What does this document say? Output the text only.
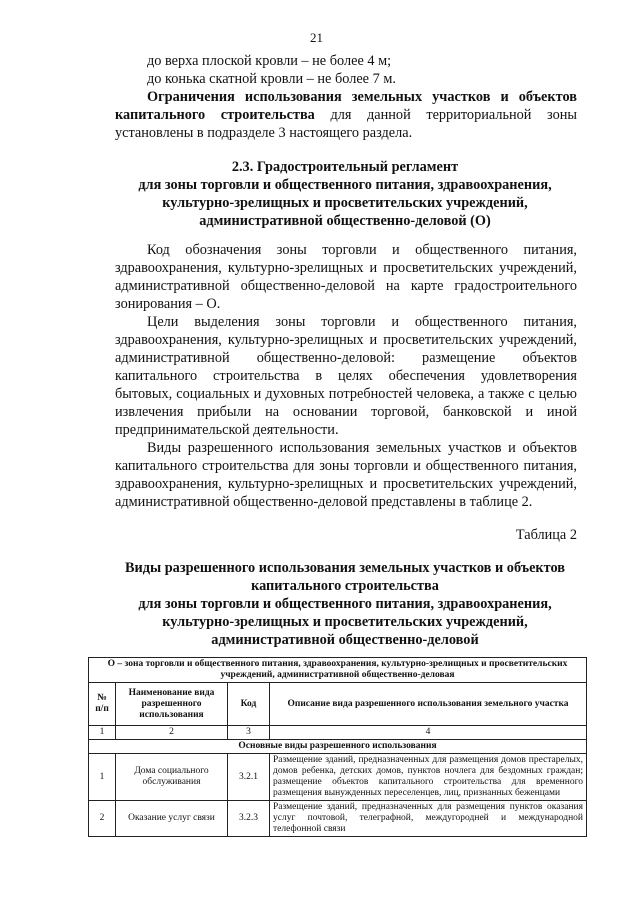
21

до верха плоской кровли – не более 4 м;

до конька скатной кровли – не более 7 м.

Ограничения использования земельных участков и объектов

капитального строительства для данной территориальной зоны

установлены в подразделе 3 настоящего раздела.

2.3. Градостроительный регламент
для зоны торговли и общественного питания, здравоохранения,
культурно-зрелищных и просветительских учреждений,
административной общественно-деловой (О)

Код обозначения зоны торговли и общественного питания,

здравоохранения, культурно-зрелищных и просветительских учреждений,

административной общественно-деловой на карте градостроительного

зонирования – О.

Цели выделения зоны торговли и общественного питания,

здравоохранения, культурно-зрелищных и просветительских учреждений,

административной общественно-деловой: размещение объектов

капитального строительства в целях обеспечения удовлетворения

бытовых, социальных и духовных потребностей человека, а также с целью

извлечения прибыли на основании торговой, банковской и иной

предпринимательской деятельности.

Виды разрешенного использования земельных участков и объектов

капитального строительства для зоны торговли и общественного питания,

здравоохранения, культурно-зрелищных и просветительских учреждений,

административной общественно-деловой представлены в таблице 2.

Таблица 2
Виды разрешенного использования земельных участков и объектов
капитального строительства
для зоны торговли и общественного питания, здравоохранения,
культурно-зрелищных и просветительских учреждений,
административной общественно-деловой
О – зона торговли и общественного питания, здравоохранения, культурно-зрелищных и просветительских учреждений, административной общественно-деловая			
№ п/п	Наименование вида разрешенного использования	Код	Описание вида разрешенного использования земельного участка
1	2	3	4
Основные виды разрешенного использования			
1	Дома социального обслуживания	3.2.1	Размещение зданий, предназначенных для размещения домов престарелых, домов ребенка, детских домов, пунктов ночлега для бездомных граждан; размещение объектов капитального строительства для временного размещения вынужденных переселенцев, лиц, признанных беженцами
2	Оказание услуг связи	3.2.3	Размещение зданий, предназначенных для размещения пунктов оказания услуг почтовой, телеграфной, междугородней и международной телефонной связи
